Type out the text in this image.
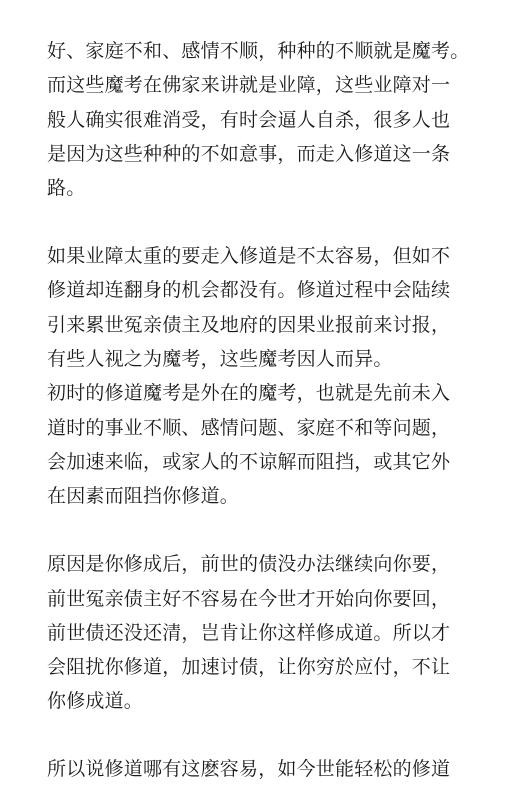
好、家庭不和、感情不顺，种种的不顺就是魔考。
而这些魔考在佛家来讲就是业障，这些业障对一
般人确实很难消受，有时会逼人自杀，很多人也
是因为这些种种的不如意事，而走入修道这一条
路。
如果业障太重的要走入修道是不太容易，但如不
修道却连翻身的机会都没有。修道过程中会陆续
引来累世冤亲债主及地府的因果业报前来讨报，
有些人视之为魔考，这些魔考因人而异。
初时的修道魔考是外在的魔考，也就是先前未入
道时的事业不顺、感情问题、家庭不和等问题，
会加速来临，或家人的不谅解而阻挡，或其它外
在因素而阻挡你修道。
原因是你修成后，前世的债没办法继续向你要，
前世冤亲债主好不容易在今世才开始向你要回，
前世债还没还清，岂肯让你这样修成道。所以才
会阻扰你修道，加速讨债，让你穷於应付，不让
你修成道。
所以说修道哪有这麽容易，如今世能轻松的修道
